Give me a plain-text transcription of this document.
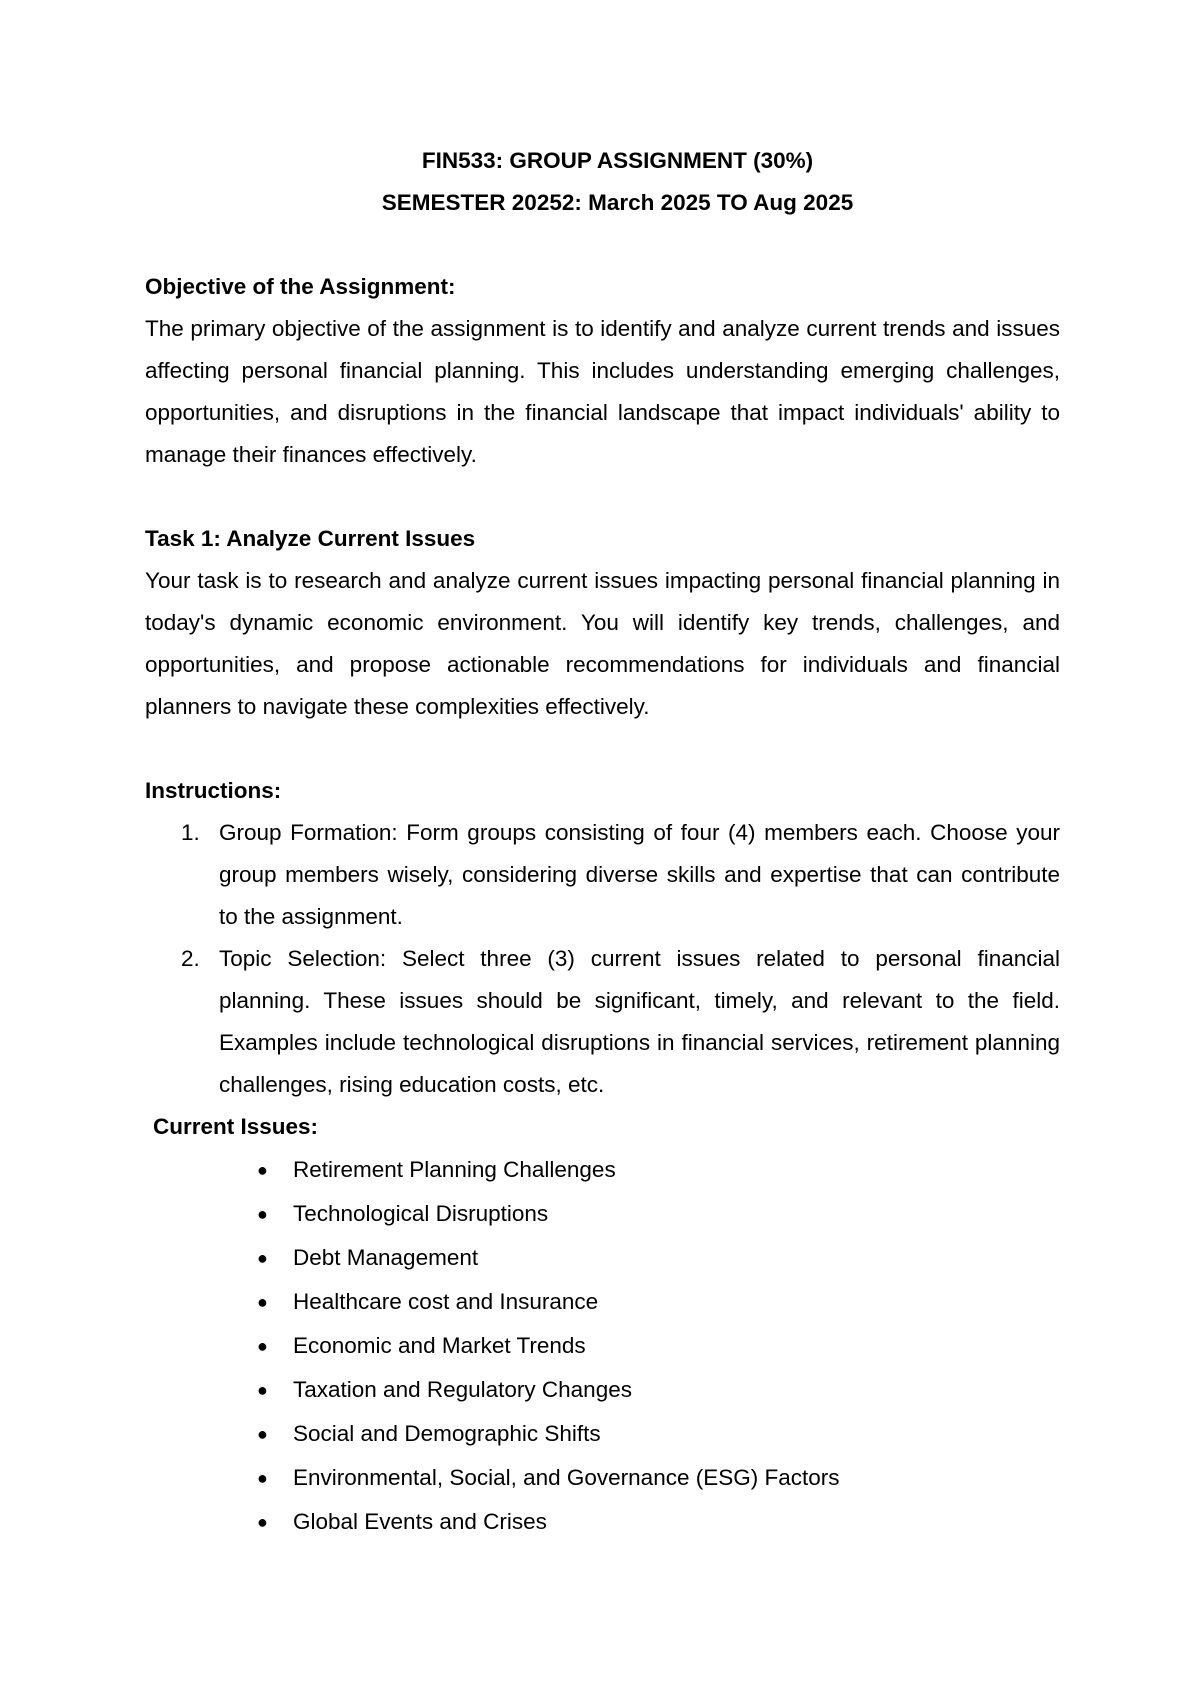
FIN533: GROUP ASSIGNMENT (30%)

SEMESTER 20252: March 2025 TO Aug 2025

Objective of the Assignment:

The primary objective of the assignment is to identify and analyze current trends and issues affecting personal financial planning. This includes understanding emerging challenges, opportunities, and disruptions in the financial landscape that impact individuals' ability to manage their finances effectively.

Task 1: Analyze Current Issues

Your task is to research and analyze current issues impacting personal financial planning in today's dynamic economic environment. You will identify key trends, challenges, and opportunities, and propose actionable recommendations for individuals and financial planners to navigate these complexities effectively.

Instructions:

1. Group Formation: Form groups consisting of four (4) members each. Choose your group members wisely, considering diverse skills and expertise that can contribute to the assignment.
2. Topic Selection: Select three (3) current issues related to personal financial planning. These issues should be significant, timely, and relevant to the field. Examples include technological disruptions in financial services, retirement planning challenges, rising education costs, etc.

Current Issues:

● Retirement Planning Challenges
● Technological Disruptions
● Debt Management
● Healthcare cost and Insurance
● Economic and Market Trends
● Taxation and Regulatory Changes
● Social and Demographic Shifts
● Environmental, Social, and Governance (ESG) Factors
● Global Events and Crises
